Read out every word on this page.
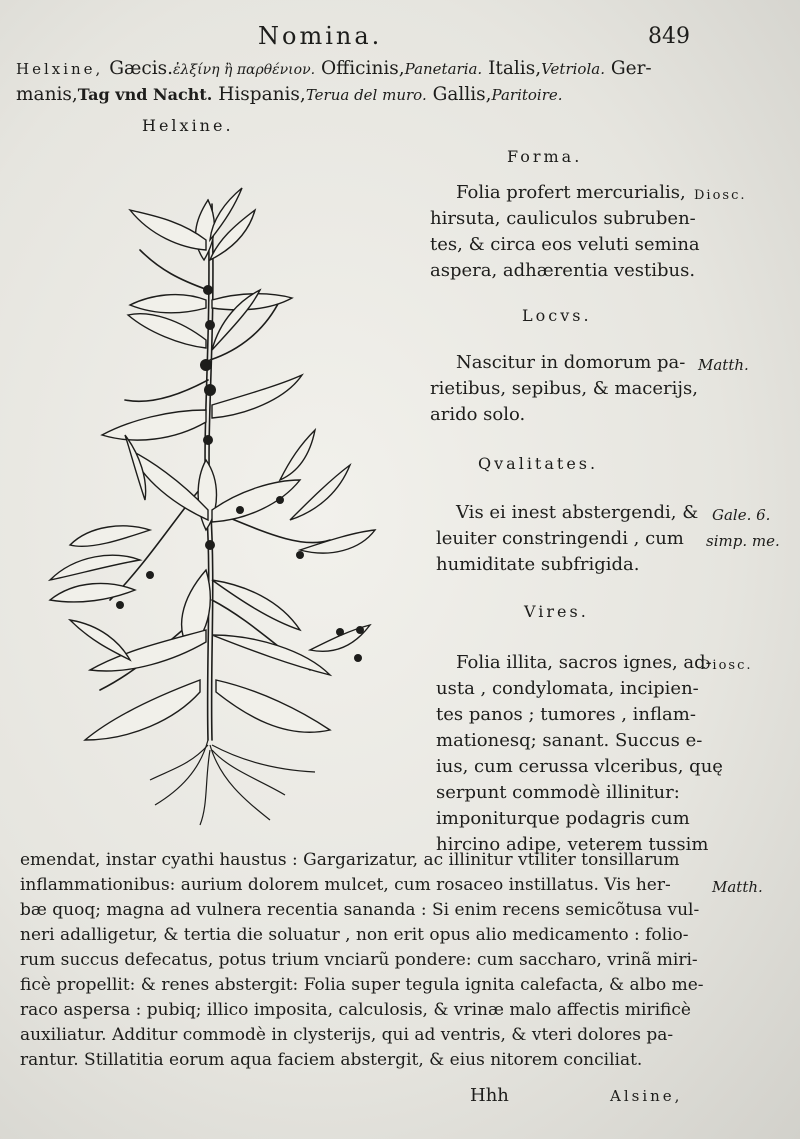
Nomina.	849
Helxine, Gæcis.ἐλξίνη ἢ παρθένιον. Officinis,Panetaria. Italis,Vetriola. Ger-
manis,Tag vnd Nacht. Hispanis,Terua del muro. Gallis,Paritoire.
Helxine.
Forma.
Folia profert mercurialis,
hirsuta, cauliculos subruben-
tes, & circa eos veluti semina
aspera, adhærentia vestibus.
Diosc.
Locvs.
Nascitur in domorum pa-
rietibus, sepibus, & macerijs,
arido solo.
Matth.
Qvalitates.
Vis ei inest abstergendi, &
leuiter constringendi , cum
humiditate subfrigida.
Gale. 6.
simp. me.
Vires.
Folia illita, sacros ignes, ad-
usta , condylomata, incipien-
tes panos ; tumores , inflam-
mationesq; sanant. Succus e-
ius, cum cerussa vlceribus, quę
serpunt commodè illinitur:
imponiturque podagris cum
hircino adipe, veterem tussim
Diosc.
emendat, instar cyathi haustus : Gargarizatur, ac illinitur vtiliter tonsillarum
inflammationibus: aurium dolorem mulcet, cum rosaceo instillatus. Vis her-
bæ quoq; magna ad vulnera recentia sananda : Si enim recens semicõtusa vul-
neri adalligetur, & tertia die soluatur , non erit opus alio medicamento : folio-
rum succus defecatus, potus trium vnciarũ pondere: cum saccharo, vrinã miri-
ficè propellit: & renes abstergit: Folia super tegula ignita calefacta, & albo me-
raco aspersa : pubiq; illico imposita, calculosis, & vrinæ malo affectis mirificè
auxiliatur. Additur commodè in clysterijs, qui ad ventris, & vteri dolores pa-
rantur. Stillatitia eorum aqua faciem abstergit, & eius nitorem conciliat.
Matth.
Hhh	Alsine,
